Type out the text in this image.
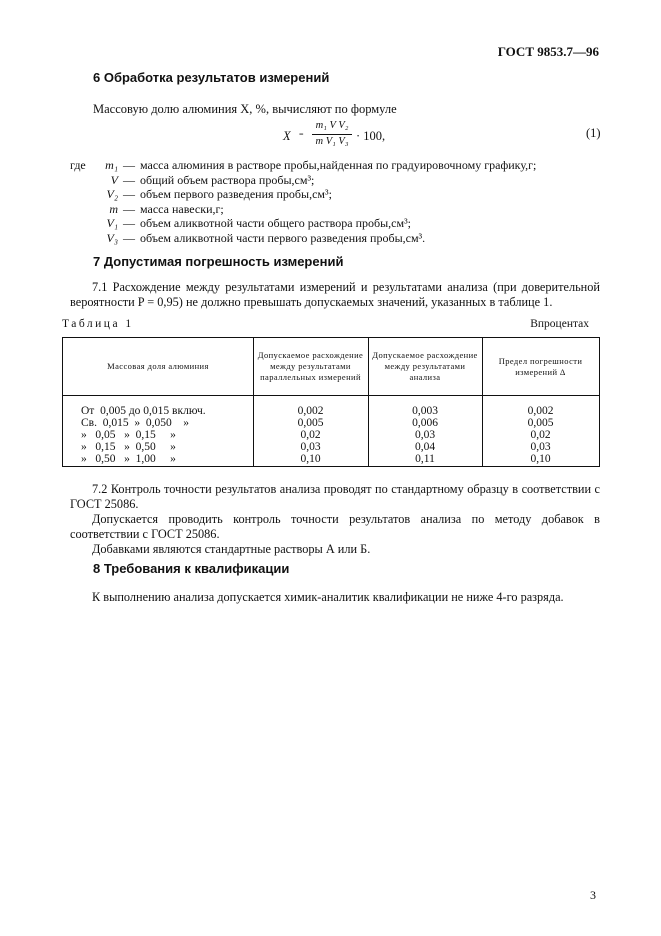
ГОСТ 9853.7—96
6 Обработка результатов измерений
Массовую долю алюминия X, %, вычисляют по формуле
X =
m₁ V V₂
m V₁ V₃ · 100,	(1)
где	m₁	—	масса алюминия в растворе пробы,найденная по градуировочному графику,г;
	V	—	общий объем раствора пробы,см³;
	V₂	—	объем первого разведения пробы,см³;
	m	—	масса навески,г;
	V₁	—	объем аликвотной части общего раствора пробы,см³;
	V₃	—	объем аликвотной части первого разведения пробы,см³.
7 Допустимая погрешность измерений
7.1 Расхождение между результатами измерений и результатами анализа (при доверительной вероятности P = 0,95) не должно превышать допускаемых значений, указанных в таблице 1.
Таблица 1	Впроцентах
Массовая доля алюминия
Допускаемое расхождение между результатами параллельных измерений
Допускаемое расхождение между результатами анализа
Предел погрешности измерений Δ
От  0,005 до 0,015 включ.	0,002	0,003	0,002
Св.  0,015  »  0,050    »	0,005	0,006	0,005
»   0,05   »  0,15     »	0,02	0,03	0,02
»   0,15   »  0,50     »	0,03	0,04	0,03
»   0,50   »  1,00     »	0,10	0,11	0,10
7.2 Контроль точности результатов анализа проводят по стандартному образцу в соответствии с ГОСТ 25086.
Допускается проводить контроль точности результатов анализа по методу добавок в соответствии с ГОСТ 25086.
Добавками являются стандартные растворы А или Б.
8 Требования к квалификации
К выполнению анализа допускается химик-аналитик квалификации не ниже 4-го разряда.
3
